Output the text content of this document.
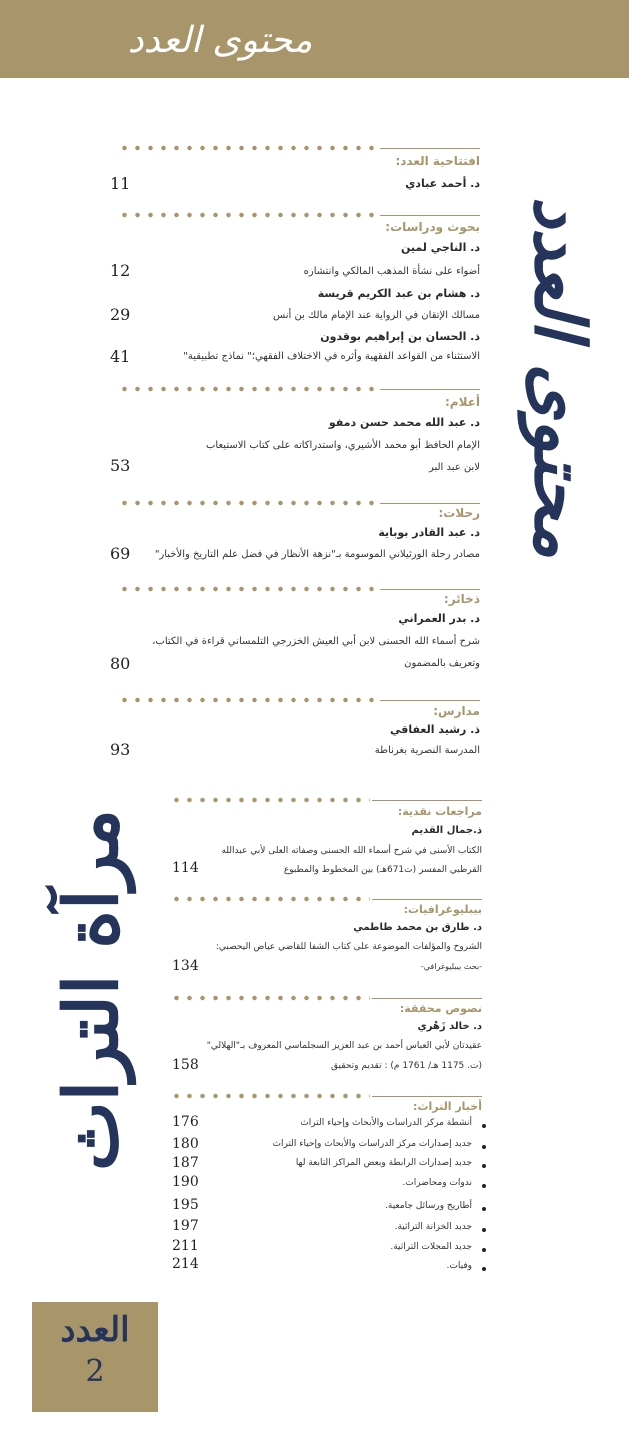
محتوى العدد
محتوى العدد
مرآة التراث
افتتاحية العدد:
د. أحمد عبادي
11
بحوث ودراسات:
د. الناجي لمين
أضواء على نشأة المذهب المالكي وانتشاره
12
د. هشام بن عبد الكريم قريسة
مسالك الإتقان في الرواية عند الإمام مالك بن أنس
29
ذ. الحسان بن إبراهيم بوقدون
الاستثناء من القواعد الفقهية وأثره في الاختلاف الفقهي؛" نماذج تطبيقية"
41
أعلام:
د. عبد الله محمد حسن دمفو
الإمام الحافظ أبو محمد الأشيري، واستدراكاته على كتاب الاستيعاب
لابن عبد البر
53
رحلات:
د. عبد القادر بوباية
مصادر رحلة الورثيلاني الموسومة بـ"نزهة الأنظار في فضل علم التاريخ والأخبار"
69
ذخائر:
د. بدر العمراني
شرح أسماء الله الحسنى لابن أبي العيش الخزرجي التلمساني قراءة في الكتاب،
وتعريف بالمضمون
80
مدارس:
ذ. رشيد العفاقي
المدرسة النصرية بغرناطة
93
مراجعات نقدية:
ذ.جمال القديم
الكتاب الأسنى في شرح أسماء الله الحسنى وصفاته العلى لأبي عبدالله
القرطبي المفسر (ت671هـ) بين المخطوط والمطبوع
114
بيبليوغرافيات:
د. طارق بن محمد طاطمي
الشروح والمؤلفات الموضوعة على كتاب الشفا للقاضي عياض اليحصبي:
-بحث بيبليوغرافي-
134
نصوص محققة:
د. خالد زَهْري
عقيدتان لأبي العباس أحمد بن عبد العزيز السجلماسي المعروف بـ"الهلالي"
(ت. 1175 هـ/ 1761 م) : تقديم وتحقيق
158
أخبار التراث:
أنشطة مركز الدراسات والأبحاث وإحياء التراث
176
جديد إصدارات مركز الدراسات والأبحاث وإحياء التراث
180
جديد إصدارات الرابطة وبعض المراكز التابعة لها
187
ندوات ومحاضرات.
190
أطاريح ورسائل جامعية.
195
جديد الخزانة التراثية.
197
جديد المجلات التراثية.
211
وفيات.
214
العدد
2
